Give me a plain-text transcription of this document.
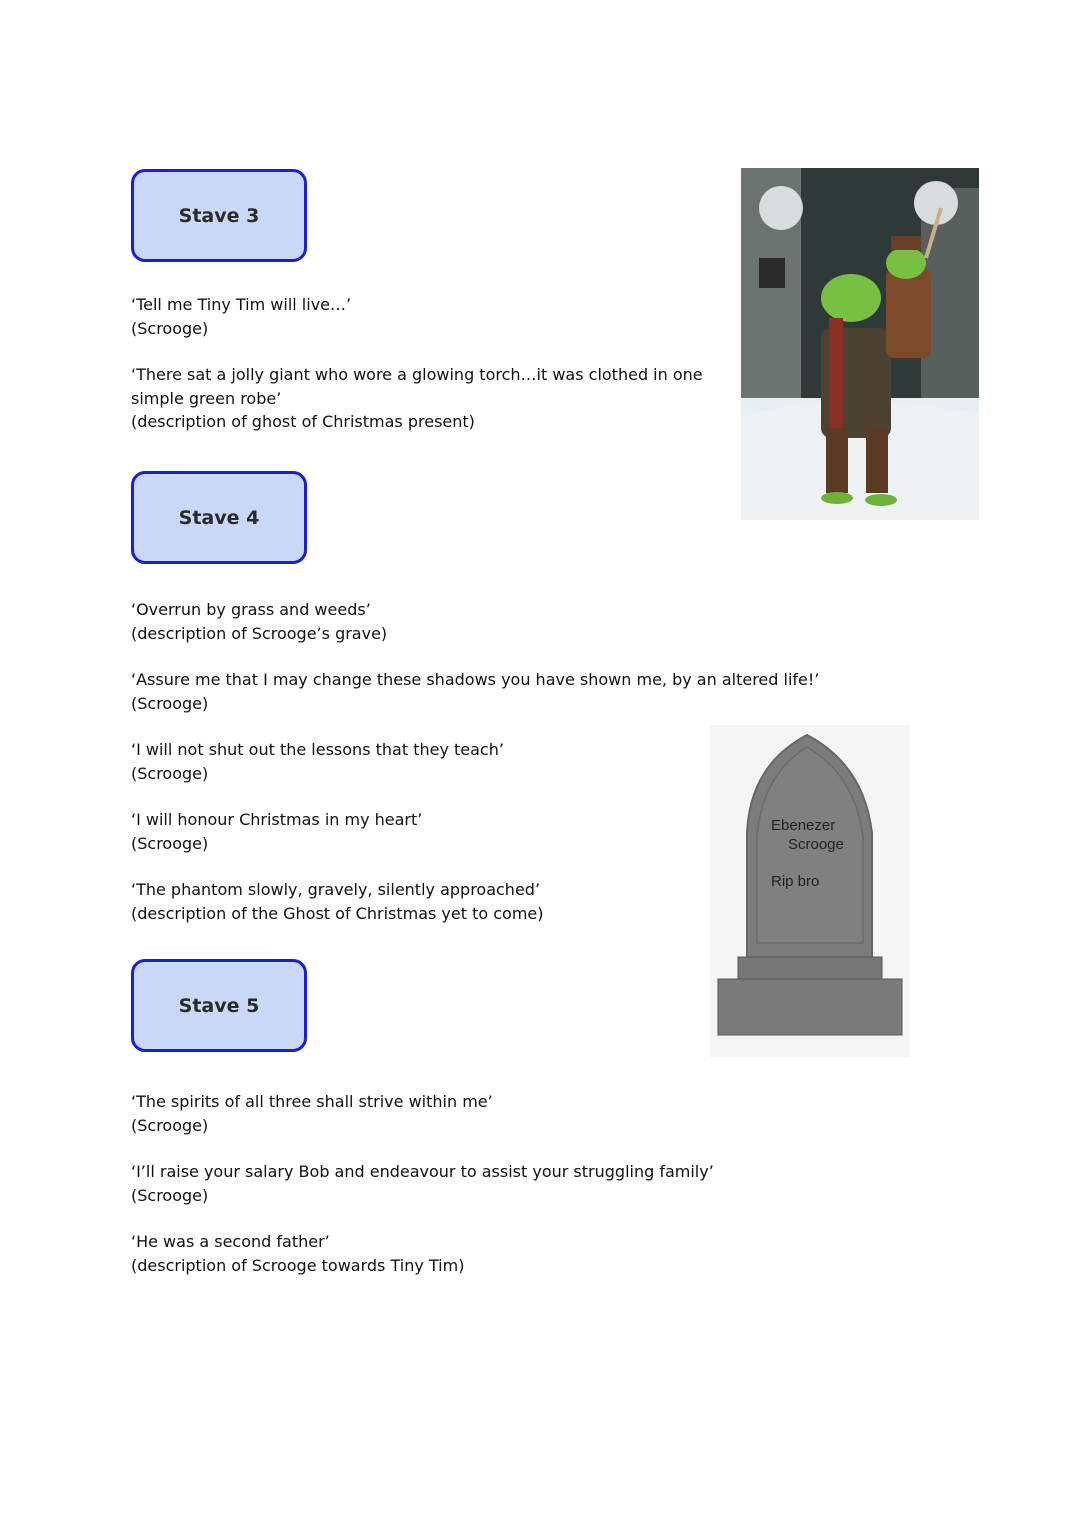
Stave 3
Stave 4
Stave 5
‘Tell me Tiny Tim will live…’
(Scrooge)
‘There sat a jolly giant who wore a glowing torch…it was clothed in one
simple green robe’
(description of ghost of Christmas present)
‘Overrun by grass and weeds’
(description of Scrooge’s grave)
‘Assure me that I may change these shadows you have shown me, by an altered life!’
(Scrooge)
‘I will not shut out the lessons that they teach’
(Scrooge)
‘I will honour Christmas in my heart’
(Scrooge)
‘The phantom slowly, gravely, silently approached’
(description of the Ghost of Christmas yet to come)
‘The spirits of all three shall strive within me’
(Scrooge)
‘I’ll raise your salary Bob and endeavour to assist your struggling family’
(Scrooge)
‘He was a second father’
(description of Scrooge towards Tiny Tim)
Ebenezer
Scrooge
Rip bro
